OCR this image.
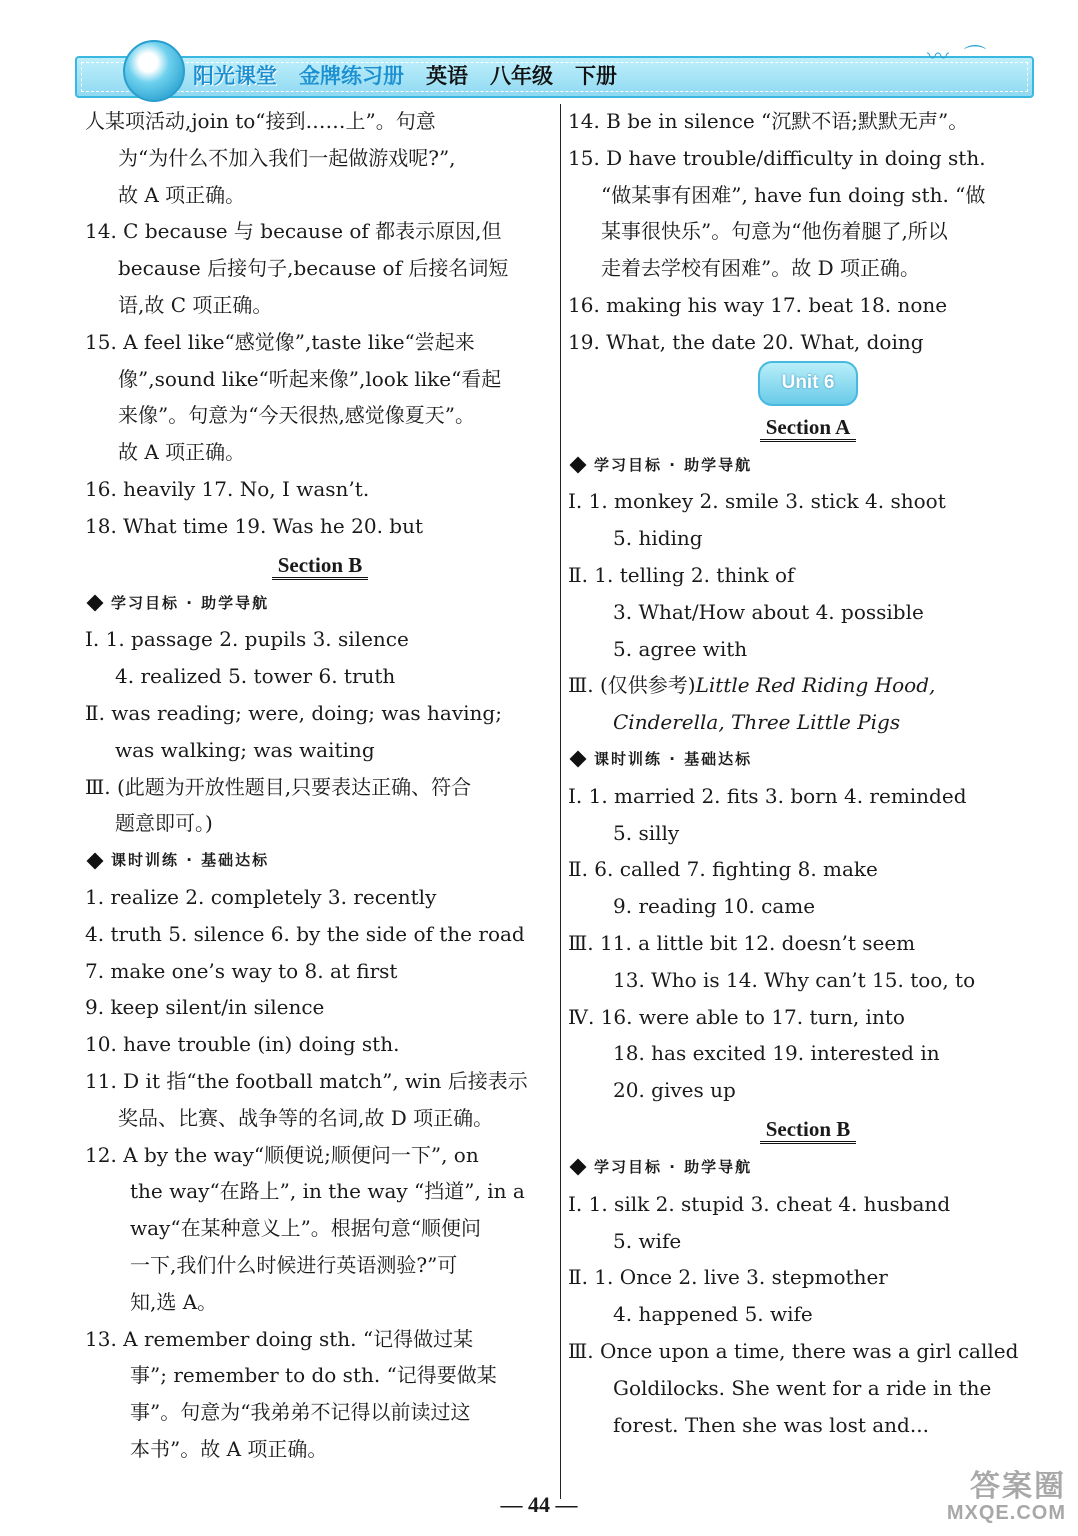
阳光课堂 金牌练习册 英语 八年级 下册
〰︎ ⌒
人某项活动,join to“接到……上”。句意
为“为什么不加入我们一起做游戏呢?”,
故 A 项正确。
14. C because 与 because of 都表示原因,但
because 后接句子,because of 后接名词短
语,故 C 项正确。
15. A feel like“感觉像”,taste like“尝起来
像”,sound like“听起来像”,look like“看起
来像”。句意为“今天很热,感觉像夏天”。
故 A 项正确。
16. heavily 17. No, I wasn’t.
18. What time 19. Was he 20. but
Section B
学习目标 · 助学导航
Ⅰ. 1. passage 2. pupils 3. silence
4. realized 5. tower 6. truth
Ⅱ. was reading; were, doing; was having;
was walking; was waiting
Ⅲ. (此题为开放性题目,只要表达正确、符合
题意即可。)
课时训练 · 基础达标
1. realize 2. completely 3. recently
4. truth 5. silence 6. by the side of the road
7. make one’s way to 8. at first
9. keep silent/in silence
10. have trouble (in) doing sth.
11. D it 指“the football match”, win 后接表示
奖品、比赛、战争等的名词,故 D 项正确。
12. A by the way“顺便说;顺便问一下”, on
the way“在路上”, in the way “挡道”, in a
way“在某种意义上”。根据句意“顺便问
一下,我们什么时候进行英语测验?”可
知,选 A。
13. A remember doing sth. “记得做过某
事”; remember to do sth. “记得要做某
事”。句意为“我弟弟不记得以前读过这
本书”。故 A 项正确。
14. B be in silence “沉默不语;默默无声”。
15. D have trouble/difficulty in doing sth.
“做某事有困难”, have fun doing sth. “做
某事很快乐”。句意为“他伤着腿了,所以
走着去学校有困难”。故 D 项正确。
16. making his way 17. beat 18. none
19. What, the date 20. What, doing
Unit 6
Section A
学习目标 · 助学导航
Ⅰ. 1. monkey 2. smile 3. stick 4. shoot
5. hiding
Ⅱ. 1. telling 2. think of
3. What/How about 4. possible
5. agree with
Ⅲ. (仅供参考)Little Red Riding Hood,
Cinderella, Three Little Pigs
课时训练 · 基础达标
Ⅰ. 1. married 2. fits 3. born 4. reminded
5. silly
Ⅱ. 6. called 7. fighting 8. make
9. reading 10. came
Ⅲ. 11. a little bit 12. doesn’t seem
13. Who is 14. Why can’t 15. too, to
Ⅳ. 16. were able to 17. turn, into
18. has excited 19. interested in
20. gives up
Section B
学习目标 · 助学导航
Ⅰ. 1. silk 2. stupid 3. cheat 4. husband
5. wife
Ⅱ. 1. Once 2. live 3. stepmother
4. happened 5. wife
Ⅲ. Once upon a time, there was a girl called
Goldilocks. She went for a ride in the
forest. Then she was lost and...
— 44 —
答案圈
MXQE.COM
